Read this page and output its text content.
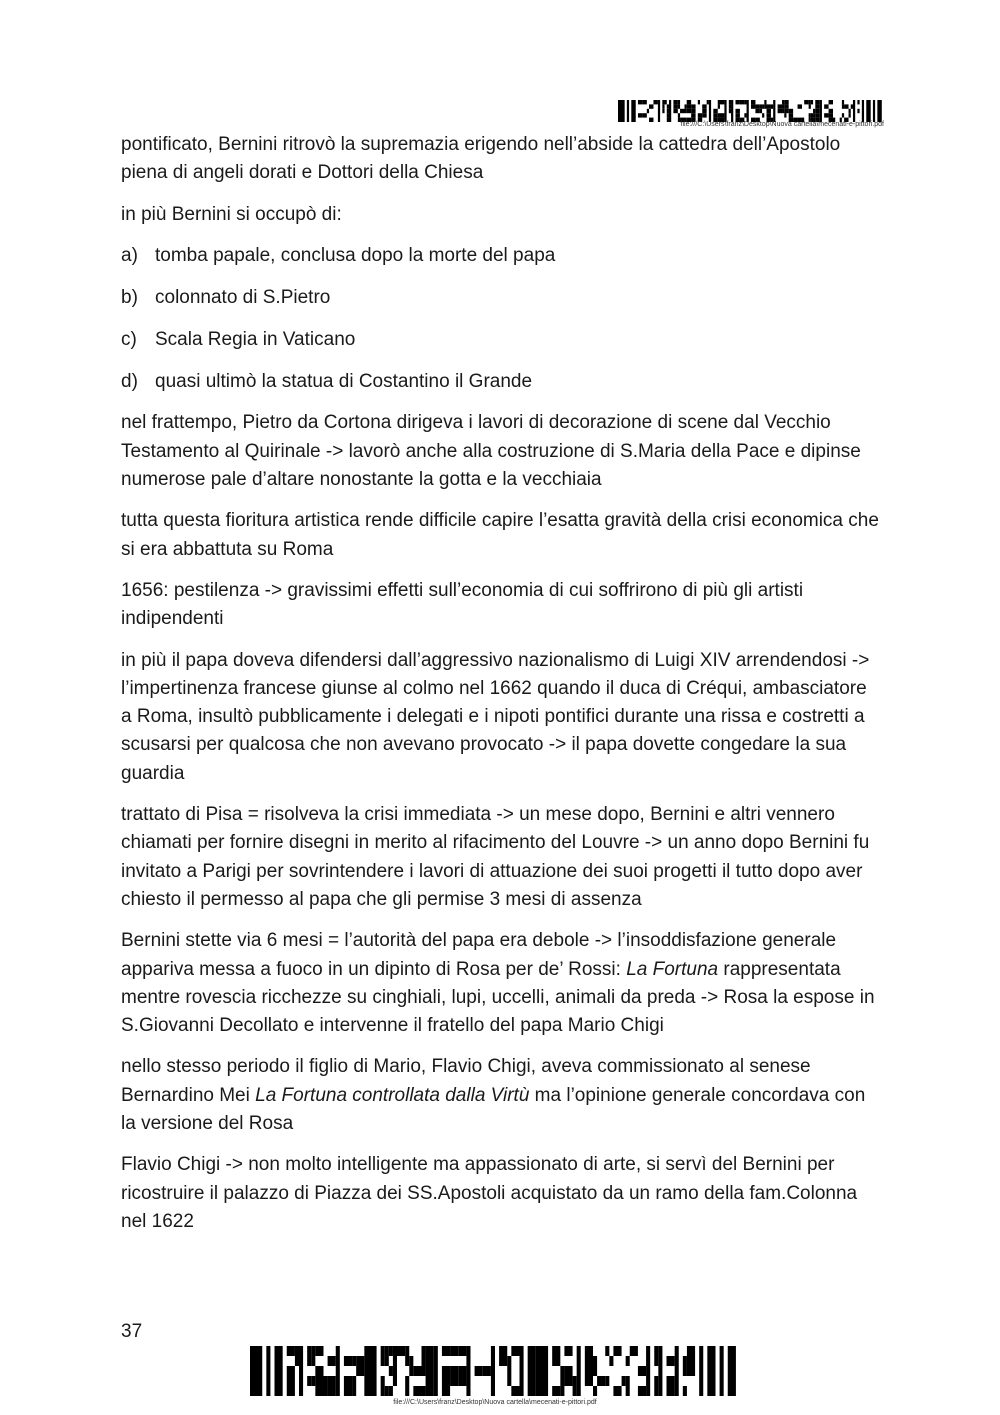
file:///C:\Users\franz\Desktop\Nuova cartella\mecenati-e-pittori.pdf

pontificato, Bernini ritrovò la supremazia erigendo nell’abside la cattedra dell’Apostolo piena di angeli dorati e Dottori della Chiesa

in più Bernini si occupò di:

a) tomba papale, conclusa dopo la morte del papa
b) colonnato di S.Pietro
c) Scala Regia in Vaticano
d) quasi ultimò la statua di Costantino il Grande

nel frattempo, Pietro da Cortona dirigeva i lavori di decorazione di scene dal Vecchio Testamento al Quirinale -> lavorò anche alla costruzione di S.Maria della Pace e dipinse numerose pale d’altare nonostante la gotta e la vecchiaia

tutta questa fioritura artistica rende difficile capire l’esatta gravità della crisi economica che si era abbattuta su Roma

1656: pestilenza -> gravissimi effetti sull’economia di cui soffrirono di più gli artisti indipendenti

in più il papa doveva difendersi dall’aggressivo nazionalismo di Luigi XIV arrendendosi -> l’impertinenza francese giunse al colmo nel 1662 quando il duca di Créqui, ambasciatore a Roma, insultò pubblicamente i delegati e i nipoti pontifici durante una rissa e costretti a scusarsi per qualcosa che non avevano provocato -> il papa dovette congedare la sua guardia

trattato di Pisa = risolveva la crisi immediata -> un mese dopo, Bernini e altri vennero chiamati per fornire disegni in merito al rifacimento del Louvre -> un anno dopo Bernini fu invitato a Parigi per sovrintendere i lavori di attuazione dei suoi progetti il tutto dopo aver chiesto il permesso al papa che gli permise 3 mesi di assenza

Bernini stette via 6 mesi = l’autorità del papa era debole -> l’insoddisfazione generale appariva messa a fuoco in un dipinto di Rosa per de’ Rossi: La Fortuna rappresentata mentre rovescia ricchezze su cinghiali, lupi, uccelli, animali da preda -> Rosa la espose in S.Giovanni Decollato e intervenne il fratello del papa Mario Chigi

nello stesso periodo il figlio di Mario, Flavio Chigi, aveva commissionato al senese Bernardino Mei La Fortuna controllata dalla Virtù ma l’opinione generale concordava con la versione del Rosa

Flavio Chigi -> non molto intelligente ma appassionato di arte, si servì del Bernini per ricostruire il palazzo di Piazza dei SS.Apostoli acquistato da un ramo della fam.Colonna nel 1622

37
file:///C:\Users\franz\Desktop\Nuova cartella\mecenati-e-pittori.pdf
